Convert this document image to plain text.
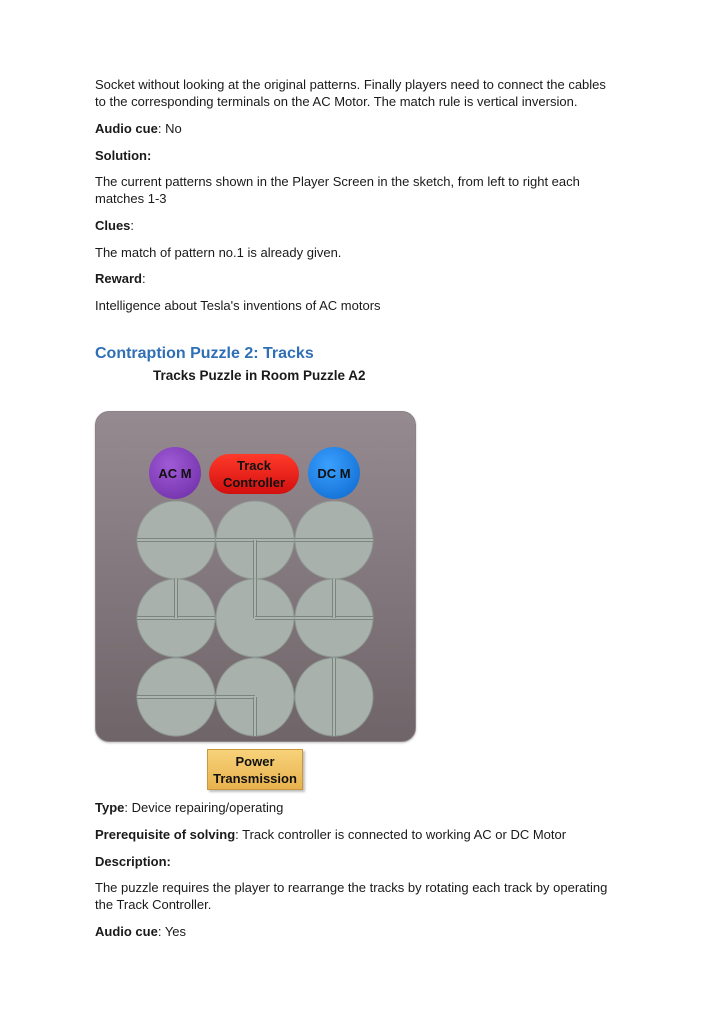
Socket without looking at the original patterns. Finally players need to connect the cables to the corresponding terminals on the AC Motor. The match rule is vertical inversion.

Audio cue: No

Solution:

The current patterns shown in the Player Screen in the sketch, from left to right each matches 1-3

Clues:

The match of pattern no.1 is already given.

Reward:

Intelligence about Tesla's inventions of AC motors

Contraption Puzzle 2: Tracks

Tracks Puzzle in Room Puzzle A2

AC M	Track Controller
DC M
Power Transmission

Type: Device repairing/operating

Prerequisite of solving: Track controller is connected to working AC or DC Motor

Description:

The puzzle requires the player to rearrange the tracks by rotating each track by operating the Track Controller.

Audio cue: Yes
